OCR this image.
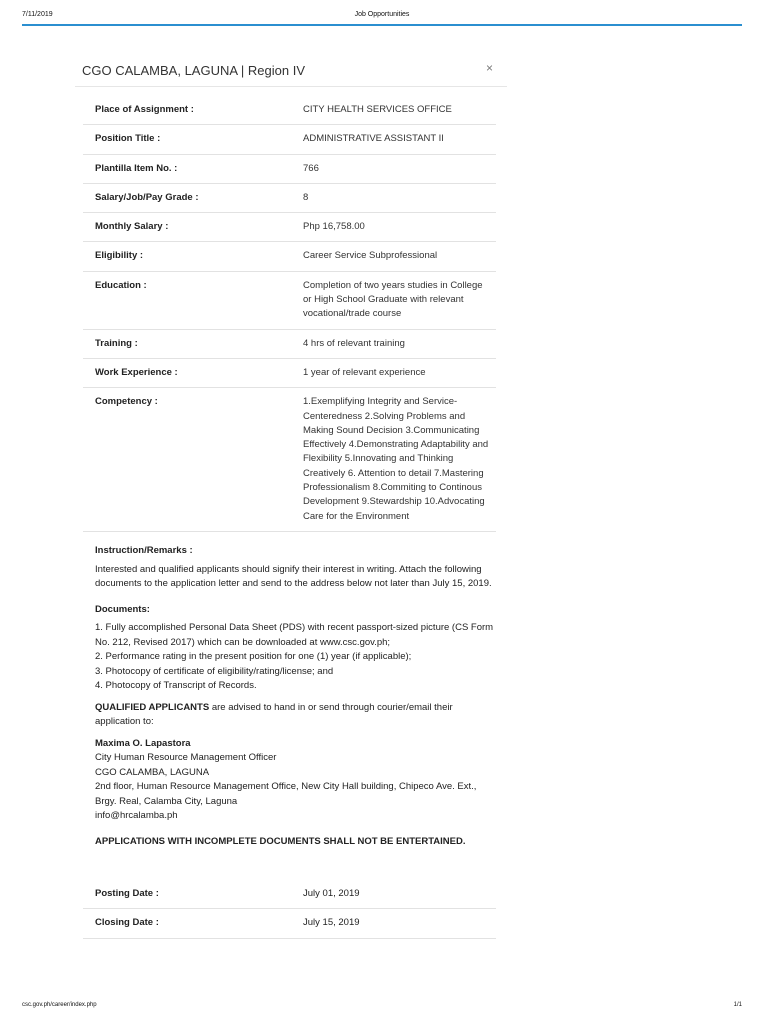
7/11/2019	Job Opportunities
CGO CALAMBA, LAGUNA | Region IV	×
Place of Assignment :	CITY HEALTH SERVICES OFFICE
Position Title :	ADMINISTRATIVE ASSISTANT II
Plantilla Item No. :	766
Salary/Job/Pay Grade :	8
Monthly Salary :	Php 16,758.00
Eligibility :	Career Service Subprofessional
Education :	Completion of two years studies in College or High School Graduate with relevant vocational/trade course
Training :	4 hrs of relevant training
Work Experience :	1 year of relevant experience
Competency :	1.Exemplifying Integrity and Service-Centeredness 2.Solving Problems and Making Sound Decision 3.Communicating Effectively 4.Demonstrating Adaptability and Flexibility 5.Innovating and Thinking Creatively 6. Attention to detail 7.Mastering Professionalism 8.Commiting to Continous Development 9.Stewardship 10.Advocating Care for the Environment

Instruction/Remarks :

Interested and qualified applicants should signify their interest in writing. Attach the following documents to the application letter and send to the address below not later than July 15, 2019.

Documents:

1. Fully accomplished Personal Data Sheet (PDS) with recent passport-sized picture (CS Form No. 212, Revised 2017) which can be downloaded at www.csc.gov.ph;

2. Performance rating in the present position for one (1) year (if applicable);

3. Photocopy of certificate of eligibility/rating/license; and

4. Photocopy of Transcript of Records.

QUALIFIED APPLICANTS are advised to hand in or send through courier/email their application to:

Maxima O. Lapastora

City Human Resource Management Officer

CGO CALAMBA, LAGUNA

2nd floor, Human Resource Management Office, New City Hall building, Chipeco Ave. Ext., Brgy. Real, Calamba City, Laguna

info@hrcalamba.ph

APPLICATIONS WITH INCOMPLETE DOCUMENTS SHALL NOT BE ENTERTAINED.

Posting Date :	July 01, 2019
Closing Date :	July 15, 2019
csc.gov.ph/career/index.php	1/1
